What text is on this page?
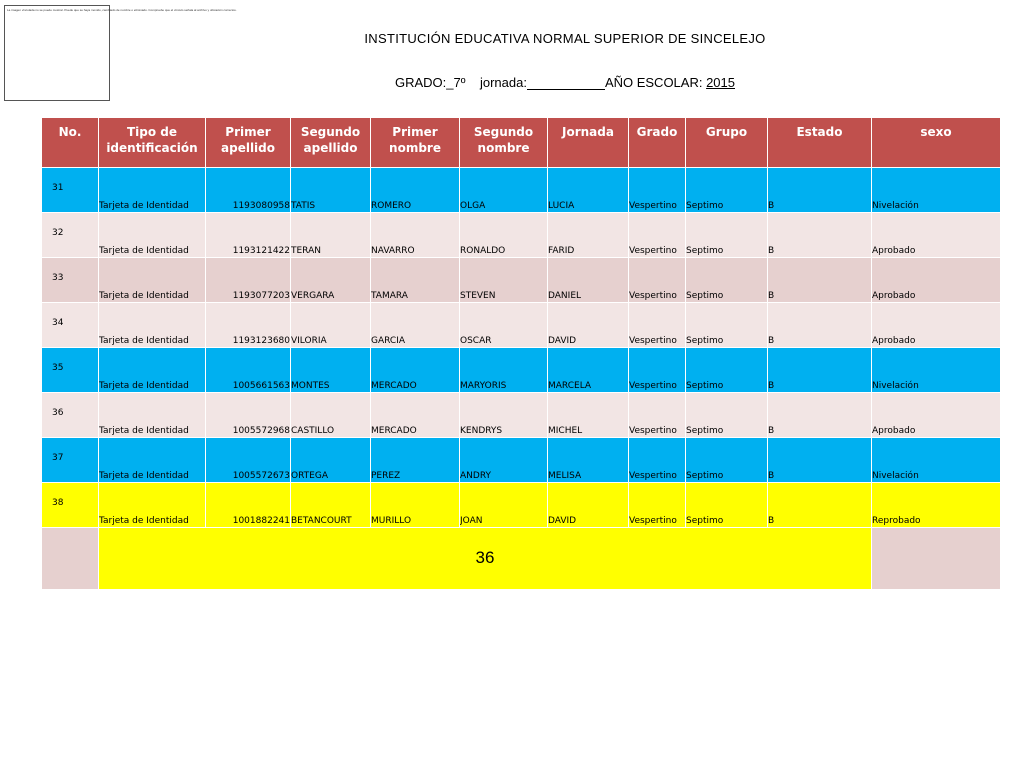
La imagen vinculada no se puede mostrar. Puede que se haya movido, cambiado de nombre o eliminado. Compruebe que el vínculo señala al archivo y ubicación correctos.
INSTITUCIÓN EDUCATIVA NORMAL SUPERIOR DE SINCELEJO
GRADO:_7º jornada:	AÑO ESCOLAR: 2015
No.	Tipo de identificación	Primer apellido	Segundo apellido	Primer nombre	Segundo nombre	Jornada	Grado	Grupo	Estado	sexo
31	Tarjeta de Identidad	1193080958	TATIS	ROMERO	OLGA	LUCIA	Vespertino	Septimo	B	Nivelación
32	Tarjeta de Identidad	1193121422	TERAN	NAVARRO	RONALDO	FARID	Vespertino	Septimo	B	Aprobado
33	Tarjeta de Identidad	1193077203	VERGARA	TAMARA	STEVEN	DANIEL	Vespertino	Septimo	B	Aprobado
34	Tarjeta de Identidad	1193123680	VILORIA	GARCIA	OSCAR	DAVID	Vespertino	Septimo	B	Aprobado
35	Tarjeta de Identidad	1005661563	MONTES	MERCADO	MARYORIS	MARCELA	Vespertino	Septimo	B	Nivelación
36	Tarjeta de Identidad	1005572968	CASTILLO	MERCADO	KENDRYS	MICHEL	Vespertino	Septimo	B	Aprobado
37	Tarjeta de Identidad	1005572673	ORTEGA	PEREZ	ANDRY	MELISA	Vespertino	Septimo	B	Nivelación
38	Tarjeta de Identidad	1001882241	BETANCOURT	MURILLO	JOAN	DAVID	Vespertino	Septimo	B	Reprobado
	36									
